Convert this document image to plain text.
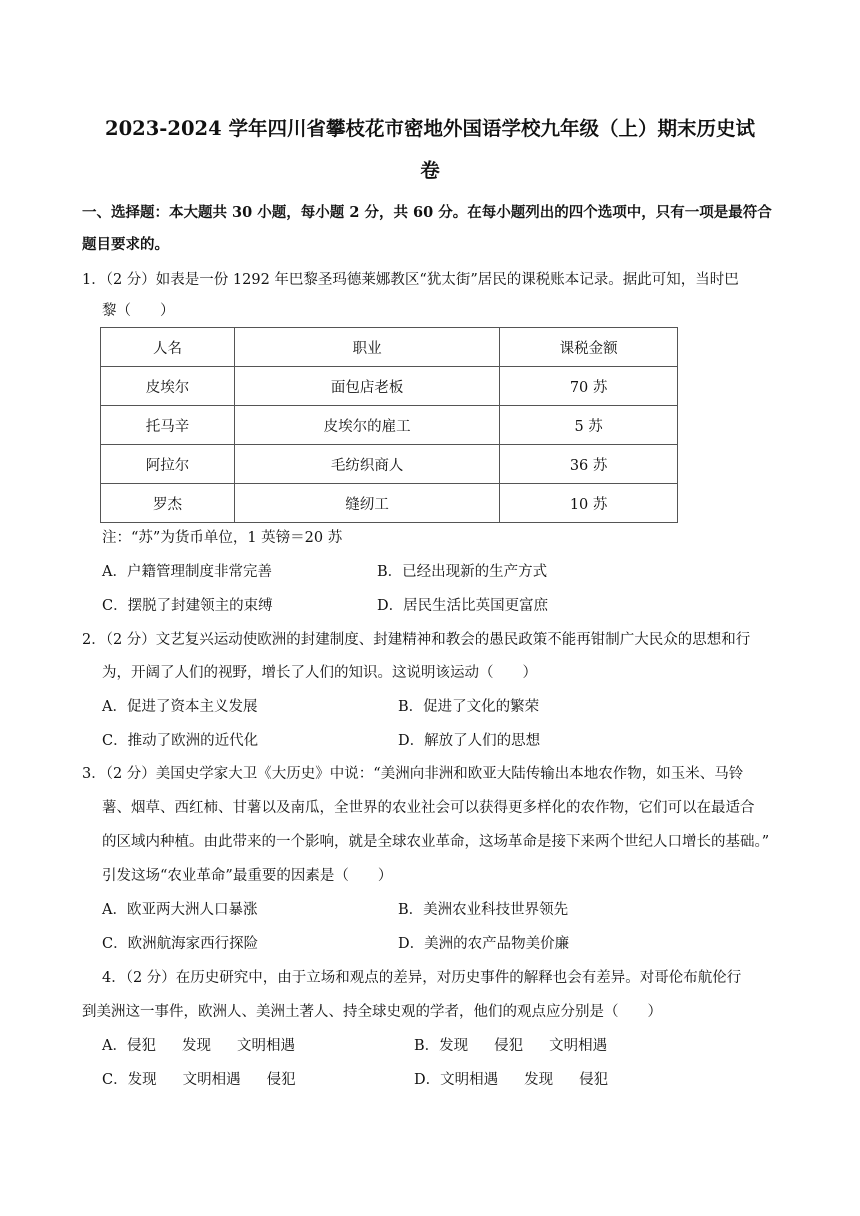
2023-2024 学年四川省攀枝花市密地外国语学校九年级（上）期末历史试
卷
一、选择题：本大题共 30 小题，每小题 2 分，共 60 分。在每小题列出的四个选项中，只有一项是最符合
题目要求的。
1．（2 分）如表是一份 1292 年巴黎圣玛德莱娜教区“犹太街”居民的课税账本记录。据此可知，当时巴
黎（　　）
人名	职业	课税金额
皮埃尔	面包店老板	70 苏
托马辛	皮埃尔的雇工	5 苏
阿拉尔	毛纺织商人	36 苏
罗杰	缝纫工	10 苏
注：“苏”为货币单位，1 英镑＝20 苏
A．户籍管理制度非常完善	B．已经出现新的生产方式
C．摆脱了封建领主的束缚	D．居民生活比英国更富庶
2．（2 分）文艺复兴运动使欧洲的封建制度、封建精神和教会的愚民政策不能再钳制广大民众的思想和行
为，开阔了人们的视野，增长了人们的知识。这说明该运动（　　）
A．促进了资本主义发展	B．促进了文化的繁荣
C．推动了欧洲的近代化	D．解放了人们的思想
3．（2 分）美国史学家大卫《大历史》中说：“美洲向非洲和欧亚大陆传输出本地农作物，如玉米、马铃
薯、烟草、西红柿、甘薯以及南瓜，全世界的农业社会可以获得更多样化的农作物，它们可以在最适合
的区域内种植。由此带来的一个影响，就是全球农业革命，这场革命是接下来两个世纪人口增长的基础。”
引发这场“农业革命”最重要的因素是（　　）
A．欧亚两大洲人口暴涨	B．美洲农业科技世界领先
C．欧洲航海家西行探险	D．美洲的农产品物美价廉
4．（2 分）在历史研究中，由于立场和观点的差异，对历史事件的解释也会有差异。对哥伦布航伦行
到美洲这一事件，欧洲人、美洲土著人、持全球史观的学者，他们的观点应分别是（　　）
A．侵犯 发现 文明相遇	B．发现 侵犯 文明相遇
C．发现 文明相遇 侵犯	D．文明相遇 发现 侵犯
